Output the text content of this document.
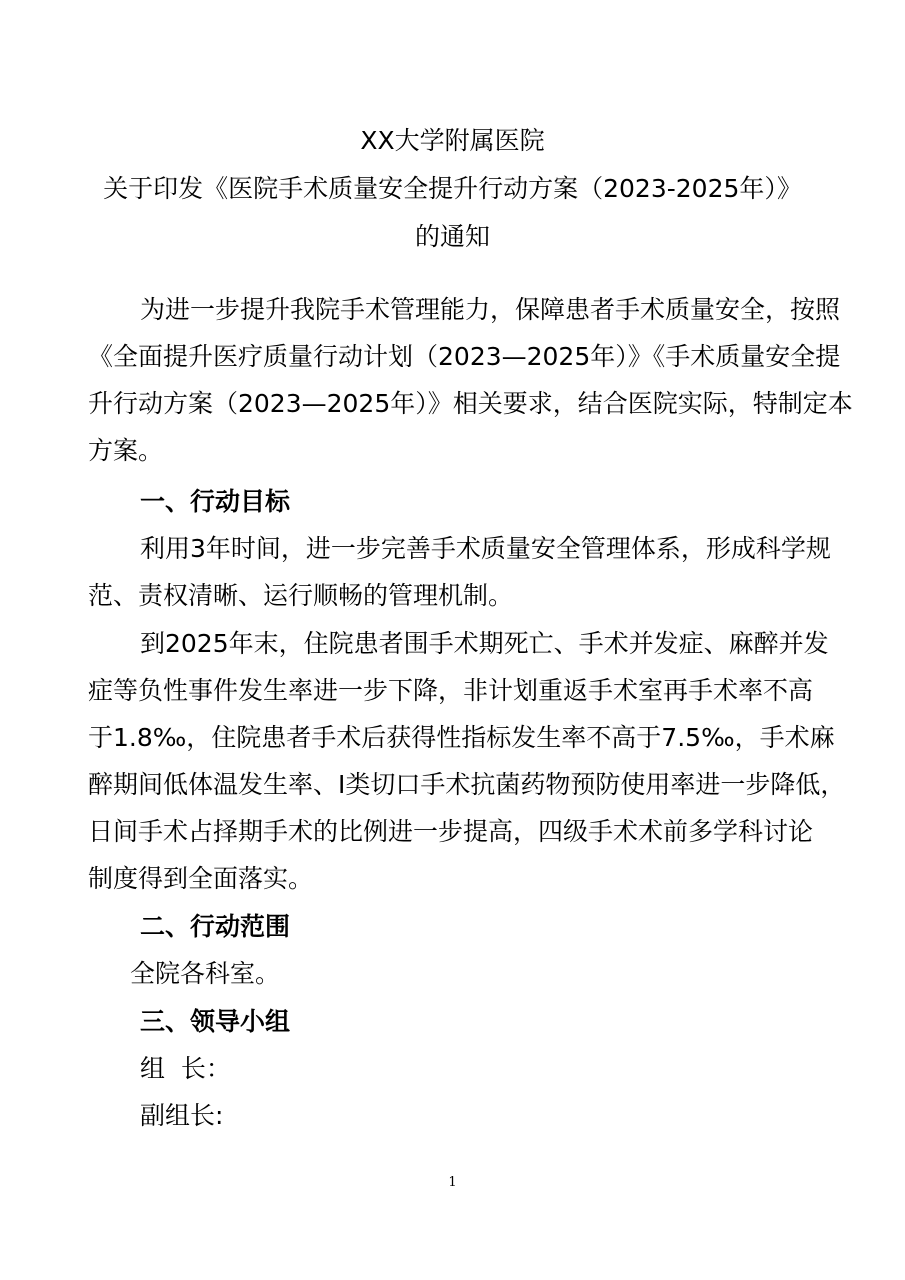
XX大学附属医院
关于印发《医院手术质量安全提升行动方案（2023-2025年）》
的通知
为进一步提升我院手术管理能力，保障患者手术质量安全，按照
《全面提升医疗质量行动计划（2023—2025年）》《手术质量安全提
升行动方案（2023—2025年）》相关要求，结合医院实际，特制定本
方案。
一、行动目标
利用3年时间，进一步完善手术质量安全管理体系，形成科学规
范、责权清晰、运行顺畅的管理机制。
到2025年末，住院患者围手术期死亡、手术并发症、麻醉并发
症等负性事件发生率进一步下降，非计划重返手术室再手术率不高
于1.8‰，住院患者手术后获得性指标发生率不高于7.5‰，手术麻
醉期间低体温发生率、I类切口手术抗菌药物预防使用率进一步降低，
日间手术占择期手术的比例进一步提高，四级手术术前多学科讨论
制度得到全面落实。
二、行动范围
全院各科室。
三、领导小组
组  长：
副组长:
1
